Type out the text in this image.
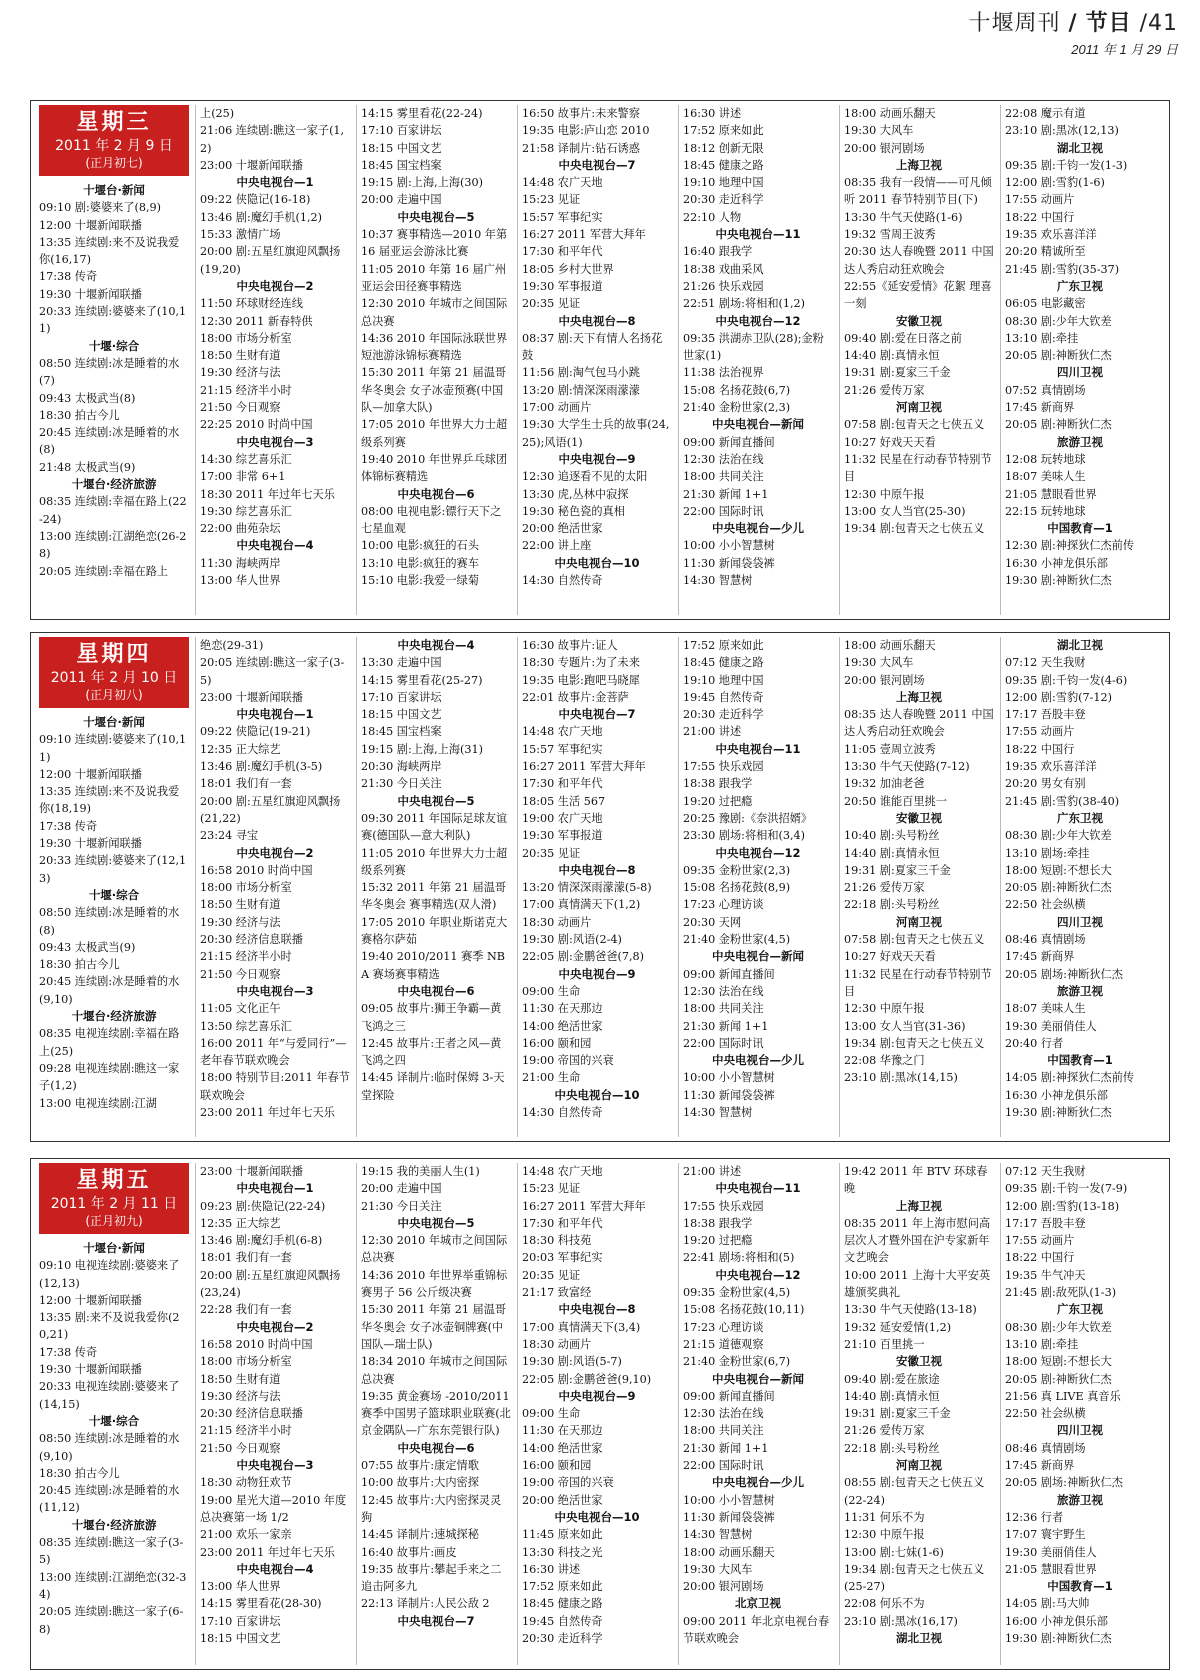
十堰周刊 / 节目 /41
2011 年 1 月 29 日
星期三
2011 年 2 月 9 日
(正月初七)
十堰台·新闻
09:10 剧:婆婆来了(8,9)
12:00 十堰新闻联播
13:35 连续剧:来不及说我爱你(16,17)
17:38 传奇
19:30 十堰新闻联播
20:33 连续剧:婆婆来了(10,11)
十堰·综合
08:50 连续剧:冰是睡着的水(7)
09:43 太极武当(8)
18:30 拍古今儿
20:45 连续剧:冰是睡着的水(8)
21:48 太极武当(9)
十堰台·经济旅游
08:35 连续剧:幸福在路上(22-24)
13:00 连续剧:江湖绝恋(26-28)
20:05 连续剧:幸福在路上
上(25)
21:06 连续剧:瞧这一家子(1,2)
23:00 十堰新闻联播
中央电视台—1
09:22 侠隐记(16-18)
13:46 剧:魔幻手机(1,2)
15:33 激情广场
20:00 剧:五星红旗迎风飘扬(19,20)
中央电视台—2
11:50 环球财经连线
12:30 2011 新春特供
18:00 市场分析室
18:50 生财有道
19:30 经济与法
21:15 经济半小时
21:50 今日观察
22:25 2010 时尚中国
中央电视台—3
14:30 综艺喜乐汇
17:00 非常 6+1
18:30 2011 年过年七天乐
19:30 综艺喜乐汇
22:00 曲苑杂坛
中央电视台—4
11:30 海峡两岸
13:00 华人世界
14:15 雾里看花(22-24)
17:10 百家讲坛
18:15 中国文艺
18:45 国宝档案
19:15 剧:上海,上海(30)
20:00 走遍中国
中央电视台—5
10:37 赛事精选—2010 年第 16 届亚运会游泳比赛
11:05 2010 年第 16 届广州亚运会田径赛事精选
12:30 2010 年城市之间国际总决赛
14:36 2010 年国际泳联世界短池游泳锦标赛精选
15:30 2011 年第 21 届温哥华冬奥会 女子冰壶预赛(中国队—加拿大队)
17:05 2010 年世界大力士超级系列赛
19:40 2010 年世界乒乓球团体锦标赛精选
中央电视台—6
08:00 电视电影:镖行天下之七星血观
10:00 电影:疯狂的石头
13:10 电影:疯狂的赛车
15:10 电影:我爱一绿菊
16:50 故事片:未来警察
19:35 电影:庐山恋 2010
21:58 译制片:钻石诱惑
中央电视台—7
14:48 农广天地
15:23 见证
15:57 军事纪实
16:27 2011 军营大拜年
17:30 和平年代
18:05 乡村大世界
19:30 军事报道
20:35 见证
中央电视台—8
08:37 剧:天下有情人名扬花鼓
11:56 剧:淘气包马小跳
13:20 剧:情深深雨濛濛
17:00 动画片
19:30 大学生士兵的故事(24,25);风语(1)
中央电视台—9
12:30 追逐看不见的太阳
13:30 虎,丛林中寂探
19:30 秘色瓷的真相
20:00 绝活世家
22:00 讲上座
中央电视台—10
14:30 自然传奇
16:30 讲述
17:52 原来如此
18:12 创新无限
18:45 健康之路
19:10 地理中国
20:30 走近科学
22:10 人物
中央电视台—11
16:40 跟我学
18:38 戏曲采风
21:26 快乐戏园
22:51 剧场:将相和(1,2)
中央电视台—12
09:35 洪湖赤卫队(28);金粉世家(1)
11:38 法治视界
15:08 名扬花鼓(6,7)
21:40 金粉世家(2,3)
中央电视台—新闻
09:00 新闻直播间
12:30 法治在线
18:00 共同关注
21:30 新闻 1+1
22:00 国际时讯
中央电视台—少儿
10:00 小小智慧树
11:30 新闻袋袋裤
14:30 智慧树
18:00 动画乐翻天
19:30 大风车
20:00 银河剧场
上海卫视
08:35 我有一段情——可凡倾听 2011 春节特别节目(下)
13:30 牛气天使路(1-6)
19:32 雪周王波秀
20:30 达人春晚暨 2011 中国达人秀启动狂欢晚会
22:55《延安爱情》花絮 理喜一刻
安徽卫视
09:40 剧:爱在日落之前
14:40 剧:真情永恒
19:31 剧:夏家三千金
21:26 爱传万家
河南卫视
07:58 剧:包青天之七侠五义
10:27 好戏天天看
11:32 民星在行动春节特别节目
12:30 中原午报
13:00 女人当官(25-30)
19:34 剧:包青天之七侠五义
22:08 魔示有道
23:10 剧:黑冰(12,13)
湖北卫视
09:35 剧:千钧一发(1-3)
12:00 剧:雪豹(1-6)
17:55 动画片
18:22 中国行
19:35 欢乐喜洋洋
20:20 精诚所至
21:45 剧:雪豹(35-37)
广东卫视
06:05 电影藏密
08:30 剧:少年大钦差
13:10 剧:牵挂
20:05 剧:神断狄仁杰
四川卫视
07:52 真情剧场
17:45 新商界
20:05 剧:神断狄仁杰
旅游卫视
12:08 玩转地球
18:07 美味人生
21:05 慧眼看世界
22:15 玩转地球
中国教育—1
12:30 剧:神探狄仁杰前传
16:30 小神龙俱乐部
19:30 剧:神断狄仁杰
星期四
2011 年 2 月 10 日
(正月初八)
十堰台·新闻
09:10 连续剧:婆婆来了(10,11)
12:00 十堰新闻联播
13:35 连续剧:来不及说我爱你(18,19)
17:38 传奇
19:30 十堰新闻联播
20:33 连续剧:婆婆来了(12,13)
十堰·综合
08:50 连续剧:冰是睡着的水(8)
09:43 太极武当(9)
18:30 拍古今儿
20:45 连续剧:冰是睡着的水(9,10)
十堰台·经济旅游
08:35 电视连续剧:幸福在路上(25)
09:28 电视连续剧:瞧这一家子(1,2)
13:00 电视连续剧:江湖
绝恋(29-31)
20:05 连续剧:瞧这一家子(3-5)
23:00 十堰新闻联播
中央电视台—1
09:22 侠隐记(19-21)
12:35 正大综艺
13:46 剧:魔幻手机(3-5)
18:01 我们有一套
20:00 剧:五星红旗迎风飘扬(21,22)
23:24 寻宝
中央电视台—2
16:58 2010 时尚中国
18:00 市场分析室
18:50 生财有道
19:30 经济与法
20:30 经济信息联播
21:15 经济半小时
21:50 今日观察
中央电视台—3
11:05 文化正午
13:50 综艺喜乐汇
16:00 2011 年“与爱同行”—老年春节联欢晚会
18:00 特别节目:2011 年春节联欢晚会
23:00 2011 年过年七天乐
中央电视台—4
13:30 走遍中国
14:15 雾里看花(25-27)
17:10 百家讲坛
18:15 中国文艺
18:45 国宝档案
19:15 剧:上海,上海(31)
20:30 海峡两岸
21:30 今日关注
中央电视台—5
09:30 2011 年国际足球友谊赛(德国队—意大利队)
11:05 2010 年世界大力士超级系列赛
15:32 2011 年第 21 届温哥华冬奥会 赛事精选(双人滑)
17:05 2010 年职业斯诺克大赛格尔萨茹
19:40 2010/2011 赛季 NBA 赛场赛事精选
中央电视台—6
09:05 故事片:狮王争霸—黄飞鸿之三
12:45 故事片:王者之风—黄飞鸿之四
14:45 译制片:临时保姆 3-天堂探险
16:30 故事片:证人
18:30 专题片:为了未来
19:35 电影:跑吧马晓犀
22:01 故事片:金菩萨
中央电视台—7
14:48 农广天地
15:57 军事纪实
16:27 2011 军营大拜年
17:30 和平年代
18:05 生活 567
19:00 农广天地
19:30 军事报道
20:35 见证
中央电视台—8
13:20 情深深雨濛濛(5-8)
17:00 真情满天下(1,2)
18:30 动画片
19:30 剧:风语(2-4)
22:05 剧:金鹏爸爸(7,8)
中央电视台—9
09:00 生命
11:30 在天那边
14:00 绝活世家
16:00 颐和园
19:00 帝国的兴衰
21:00 生命
中央电视台—10
14:30 自然传奇
17:52 原来如此
18:45 健康之路
19:10 地理中国
19:45 自然传奇
20:30 走近科学
21:00 讲述
中央电视台—11
17:55 快乐戏园
18:38 跟我学
19:20 过把瘾
20:25 豫剧:《奈洪招婿》
23:30 剧场:将相和(3,4)
中央电视台—12
09:35 金粉世家(2,3)
15:08 名扬花鼓(8,9)
17:23 心理访谈
20:30 天网
21:40 金粉世家(4,5)
中央电视台—新闻
09:00 新闻直播间
12:30 法治在线
18:00 共同关注
21:30 新闻 1+1
22:00 国际时讯
中央电视台—少儿
10:00 小小智慧树
11:30 新闻袋袋裤
14:30 智慧树
18:00 动画乐翻天
19:30 大风车
20:00 银河剧场
上海卫视
08:35 达人春晚暨 2011 中国达人秀启动狂欢晚会
11:05 壹周立波秀
13:30 牛气天使路(7-12)
19:32 加油老爸
20:50 谁能百里挑一
安徽卫视
10:40 剧:头号粉丝
14:40 剧:真情永恒
19:31 剧:夏家三千金
21:26 爱传万家
22:18 剧:头号粉丝
河南卫视
07:58 剧:包青天之七侠五义
10:27 好戏天天看
11:32 民星在行动春节特别节目
12:30 中原午报
13:00 女人当官(31-36)
19:34 剧:包青天之七侠五义
22:08 华豫之门
23:10 剧:黑冰(14,15)
湖北卫视
07:12 天生我财
09:35 剧:千钧一发(4-6)
12:00 剧:雪豹(7-12)
17:17 吾股丰登
17:55 动画片
18:22 中国行
19:35 欢乐喜洋洋
20:20 男女有别
21:45 剧:雪豹(38-40)
广东卫视
08:30 剧:少年大钦差
13:10 剧场:牵挂
18:00 短剧:不想长大
20:05 剧:神断狄仁杰
22:50 社会纵横
四川卫视
08:46 真情剧场
17:45 新商界
20:05 剧场:神断狄仁杰
旅游卫视
18:07 美味人生
19:30 美丽俏佳人
20:40 行者
中国教育—1
14:05 剧:神探狄仁杰前传
16:30 小神龙俱乐部
19:30 剧:神断狄仁杰
星期五
2011 年 2 月 11 日
(正月初九)
十堰台·新闻
09:10 电视连续剧:婆婆来了(12,13)
12:00 十堰新闻联播
13:35 剧:来不及说我爱你(20,21)
17:38 传奇
19:30 十堰新闻联播
20:33 电视连续剧:婆婆来了(14,15)
十堰·综合
08:50 连续剧:冰是睡着的水(9,10)
18:30 拍古今儿
20:45 连续剧:冰是睡着的水(11,12)
十堰台·经济旅游
08:35 连续剧:瞧这一家子(3-5)
13:00 连续剧:江湖绝恋(32-34)
20:05 连续剧:瞧这一家子(6-8)
23:00 十堰新闻联播
中央电视台—1
09:23 剧:侠隐记(22-24)
12:35 正大综艺
13:46 剧:魔幻手机(6-8)
18:01 我们有一套
20:00 剧:五星红旗迎风飘扬(23,24)
22:28 我们有一套
中央电视台—2
16:58 2010 时尚中国
18:00 市场分析室
18:50 生财有道
19:30 经济与法
20:30 经济信息联播
21:15 经济半小时
21:50 今日观察
中央电视台—3
18:30 动物狂欢节
19:00 星光大道—2010 年度总决赛第一场 1/2
21:00 欢乐一家亲
23:00 2011 年过年七天乐
中央电视台—4
13:00 华人世界
14:15 雾里看花(28-30)
17:10 百家讲坛
18:15 中国文艺
19:15 我的美丽人生(1)
20:00 走遍中国
21:30 今日关注
中央电视台—5
12:30 2010 年城市之间国际总决赛
14:36 2010 年世界举重锦标赛男子 56 公斤级决赛
15:30 2011 年第 21 届温哥华冬奥会 女子冰壶铜牌赛(中国队—瑞士队)
18:34 2010 年城市之间国际总决赛
19:35 黄金赛场 -2010/2011 赛季中国男子篮球职业联赛(北京金隅队—广东东莞银行队)
中央电视台—6
07:55 故事片:康定情歌
10:00 故事片:大内密探
12:45 故事片:大内密探灵灵狗
14:45 译制片:速城探秘
16:40 故事片:画皮
19:35 故事片:攀起手来之二追击阿多九
22:13 译制片:人民公敌 2
中央电视台—7
14:48 农广天地
15:23 见证
16:27 2011 军营大拜年
17:30 和平年代
18:30 科技苑
20:03 军事纪实
20:35 见证
21:17 致富经
中央电视台—8
17:00 真情满天下(3,4)
18:30 动画片
19:30 剧:风语(5-7)
22:05 剧:金鹏爸爸(9,10)
中央电视台—9
09:00 生命
11:30 在天那边
14:00 绝活世家
16:00 颐和园
19:00 帝国的兴衰
20:00 绝活世家
中央电视台—10
11:45 原来如此
13:30 科技之光
16:30 讲述
17:52 原来如此
18:45 健康之路
19:45 自然传奇
20:30 走近科学
21:00 讲述
中央电视台—11
17:55 快乐戏园
18:38 跟我学
19:20 过把瘾
22:41 剧场:将相和(5)
中央电视台—12
09:35 金粉世家(4,5)
15:08 名扬花鼓(10,11)
17:23 心理访谈
21:15 道德观察
21:40 金粉世家(6,7)
中央电视台—新闻
09:00 新闻直播间
12:30 法治在线
18:00 共同关注
21:30 新闻 1+1
22:00 国际时讯
中央电视台—少儿
10:00 小小智慧树
11:30 新闻袋袋裤
14:30 智慧树
18:00 动画乐翻天
19:30 大风车
20:00 银河剧场
北京卫视
09:00 2011 年北京电视台春节联欢晚会
19:42 2011 年 BTV 环球春晚
上海卫视
08:35 2011 年上海市慰问高层次人才暨外国在沪专家新年文艺晚会
10:00 2011 上海十大平安英雄颁奖典礼
13:30 牛气天使路(13-18)
19:32 延安爱情(1,2)
21:10 百里挑一
安徽卫视
09:40 剧:爱在旅途
14:40 剧:真情永恒
19:31 剧:夏家三千金
21:26 爱传万家
22:18 剧:头号粉丝
河南卫视
08:55 剧:包青天之七侠五义(22-24)
11:31 何乐不为
12:30 中原午报
13:00 剧:七妹(1-6)
19:34 剧:包青天之七侠五义(25-27)
22:08 何乐不为
23:10 剧:黑冰(16,17)
湖北卫视
07:12 天生我财
09:35 剧:千钧一发(7-9)
12:00 剧:雪豹(13-18)
17:17 吾股丰登
17:55 动画片
18:22 中国行
19:35 牛气冲天
21:45 剧:敌死队(1-3)
广东卫视
08:30 剧:少年大钦差
13:10 剧:牵挂
18:00 短剧:不想长大
20:05 剧:神断狄仁杰
21:56 真 LIVE 真音乐
22:50 社会纵横
四川卫视
08:46 真情剧场
17:45 新商界
20:05 剧场:神断狄仁杰
旅游卫视
12:36 行者
17:07 寰宇野生
19:30 美丽俏佳人
21:05 慧眼看世界
中国教育—1
14:05 剧:马大帅
16:00 小神龙俱乐部
19:30 剧:神断狄仁杰
